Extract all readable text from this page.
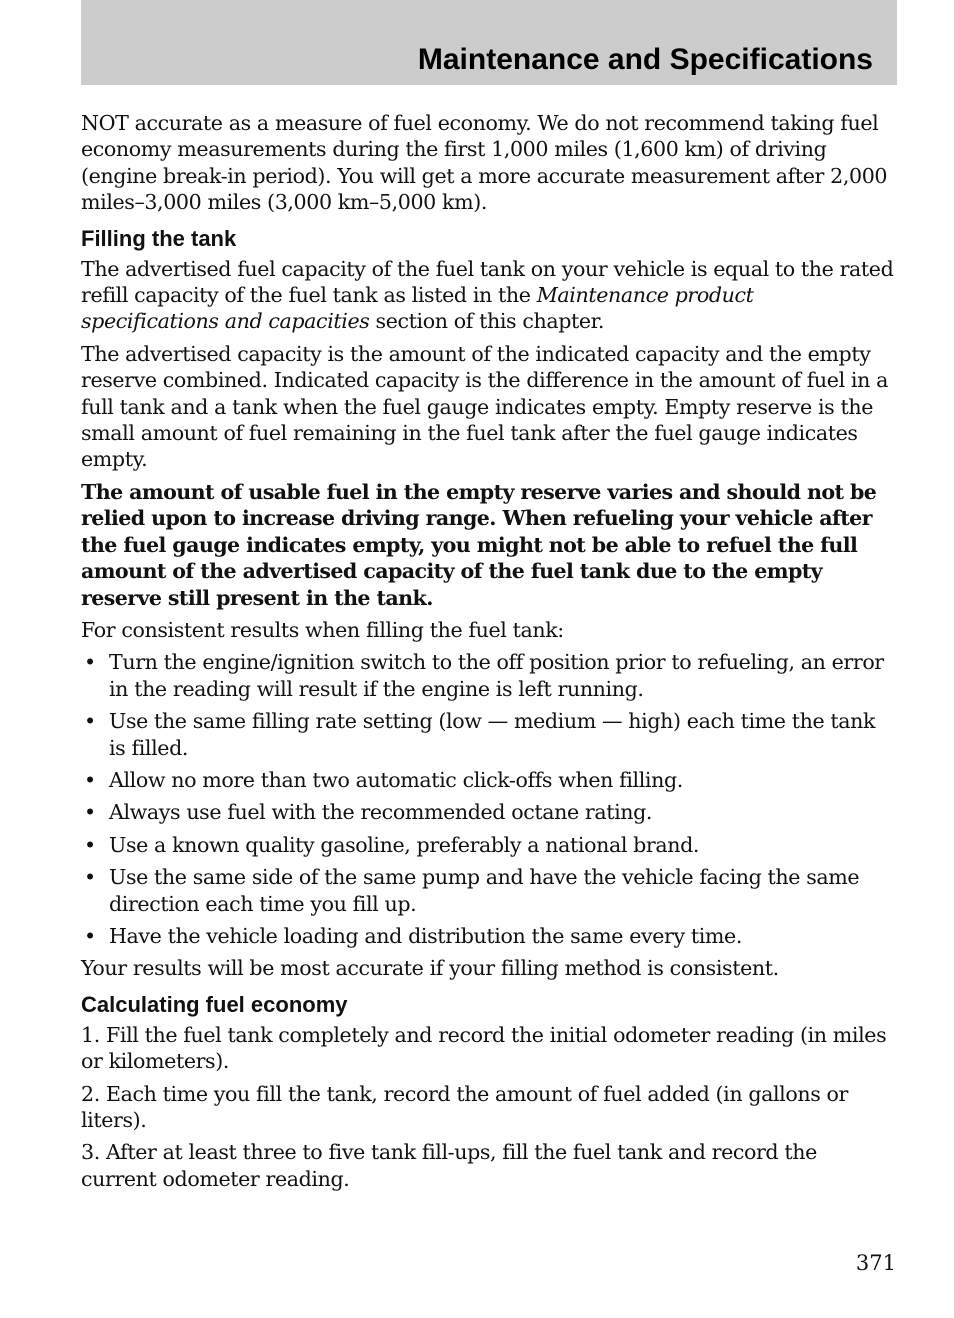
Maintenance and Specifications

NOT accurate as a measure of fuel economy. We do not recommend taking fuel economy measurements during the first 1,000 miles (1,600 km) of driving (engine break-in period). You will get a more accurate measurement after 2,000 miles–3,000 miles (3,000 km–5,000 km).

Filling the tank

The advertised fuel capacity of the fuel tank on your vehicle is equal to the rated refill capacity of the fuel tank as listed in the Maintenance product specifications and capacities section of this chapter.

The advertised capacity is the amount of the indicated capacity and the empty reserve combined. Indicated capacity is the difference in the amount of fuel in a full tank and a tank when the fuel gauge indicates empty. Empty reserve is the small amount of fuel remaining in the fuel tank after the fuel gauge indicates empty.

The amount of usable fuel in the empty reserve varies and should not be relied upon to increase driving range. When refueling your vehicle after the fuel gauge indicates empty, you might not be able to refuel the full amount of the advertised capacity of the fuel tank due to the empty reserve still present in the tank.

For consistent results when filling the fuel tank:

• Turn the engine/ignition switch to the off position prior to refueling, an error in the reading will result if the engine is left running.
• Use the same filling rate setting (low — medium — high) each time the tank is filled.
• Allow no more than two automatic click-offs when filling.
• Always use fuel with the recommended octane rating.
• Use a known quality gasoline, preferably a national brand.
• Use the same side of the same pump and have the vehicle facing the same direction each time you fill up.
• Have the vehicle loading and distribution the same every time.

Your results will be most accurate if your filling method is consistent.

Calculating fuel economy

1. Fill the fuel tank completely and record the initial odometer reading (in miles or kilometers).

2. Each time you fill the tank, record the amount of fuel added (in gallons or liters).

3. After at least three to five tank fill-ups, fill the fuel tank and record the current odometer reading.

371
